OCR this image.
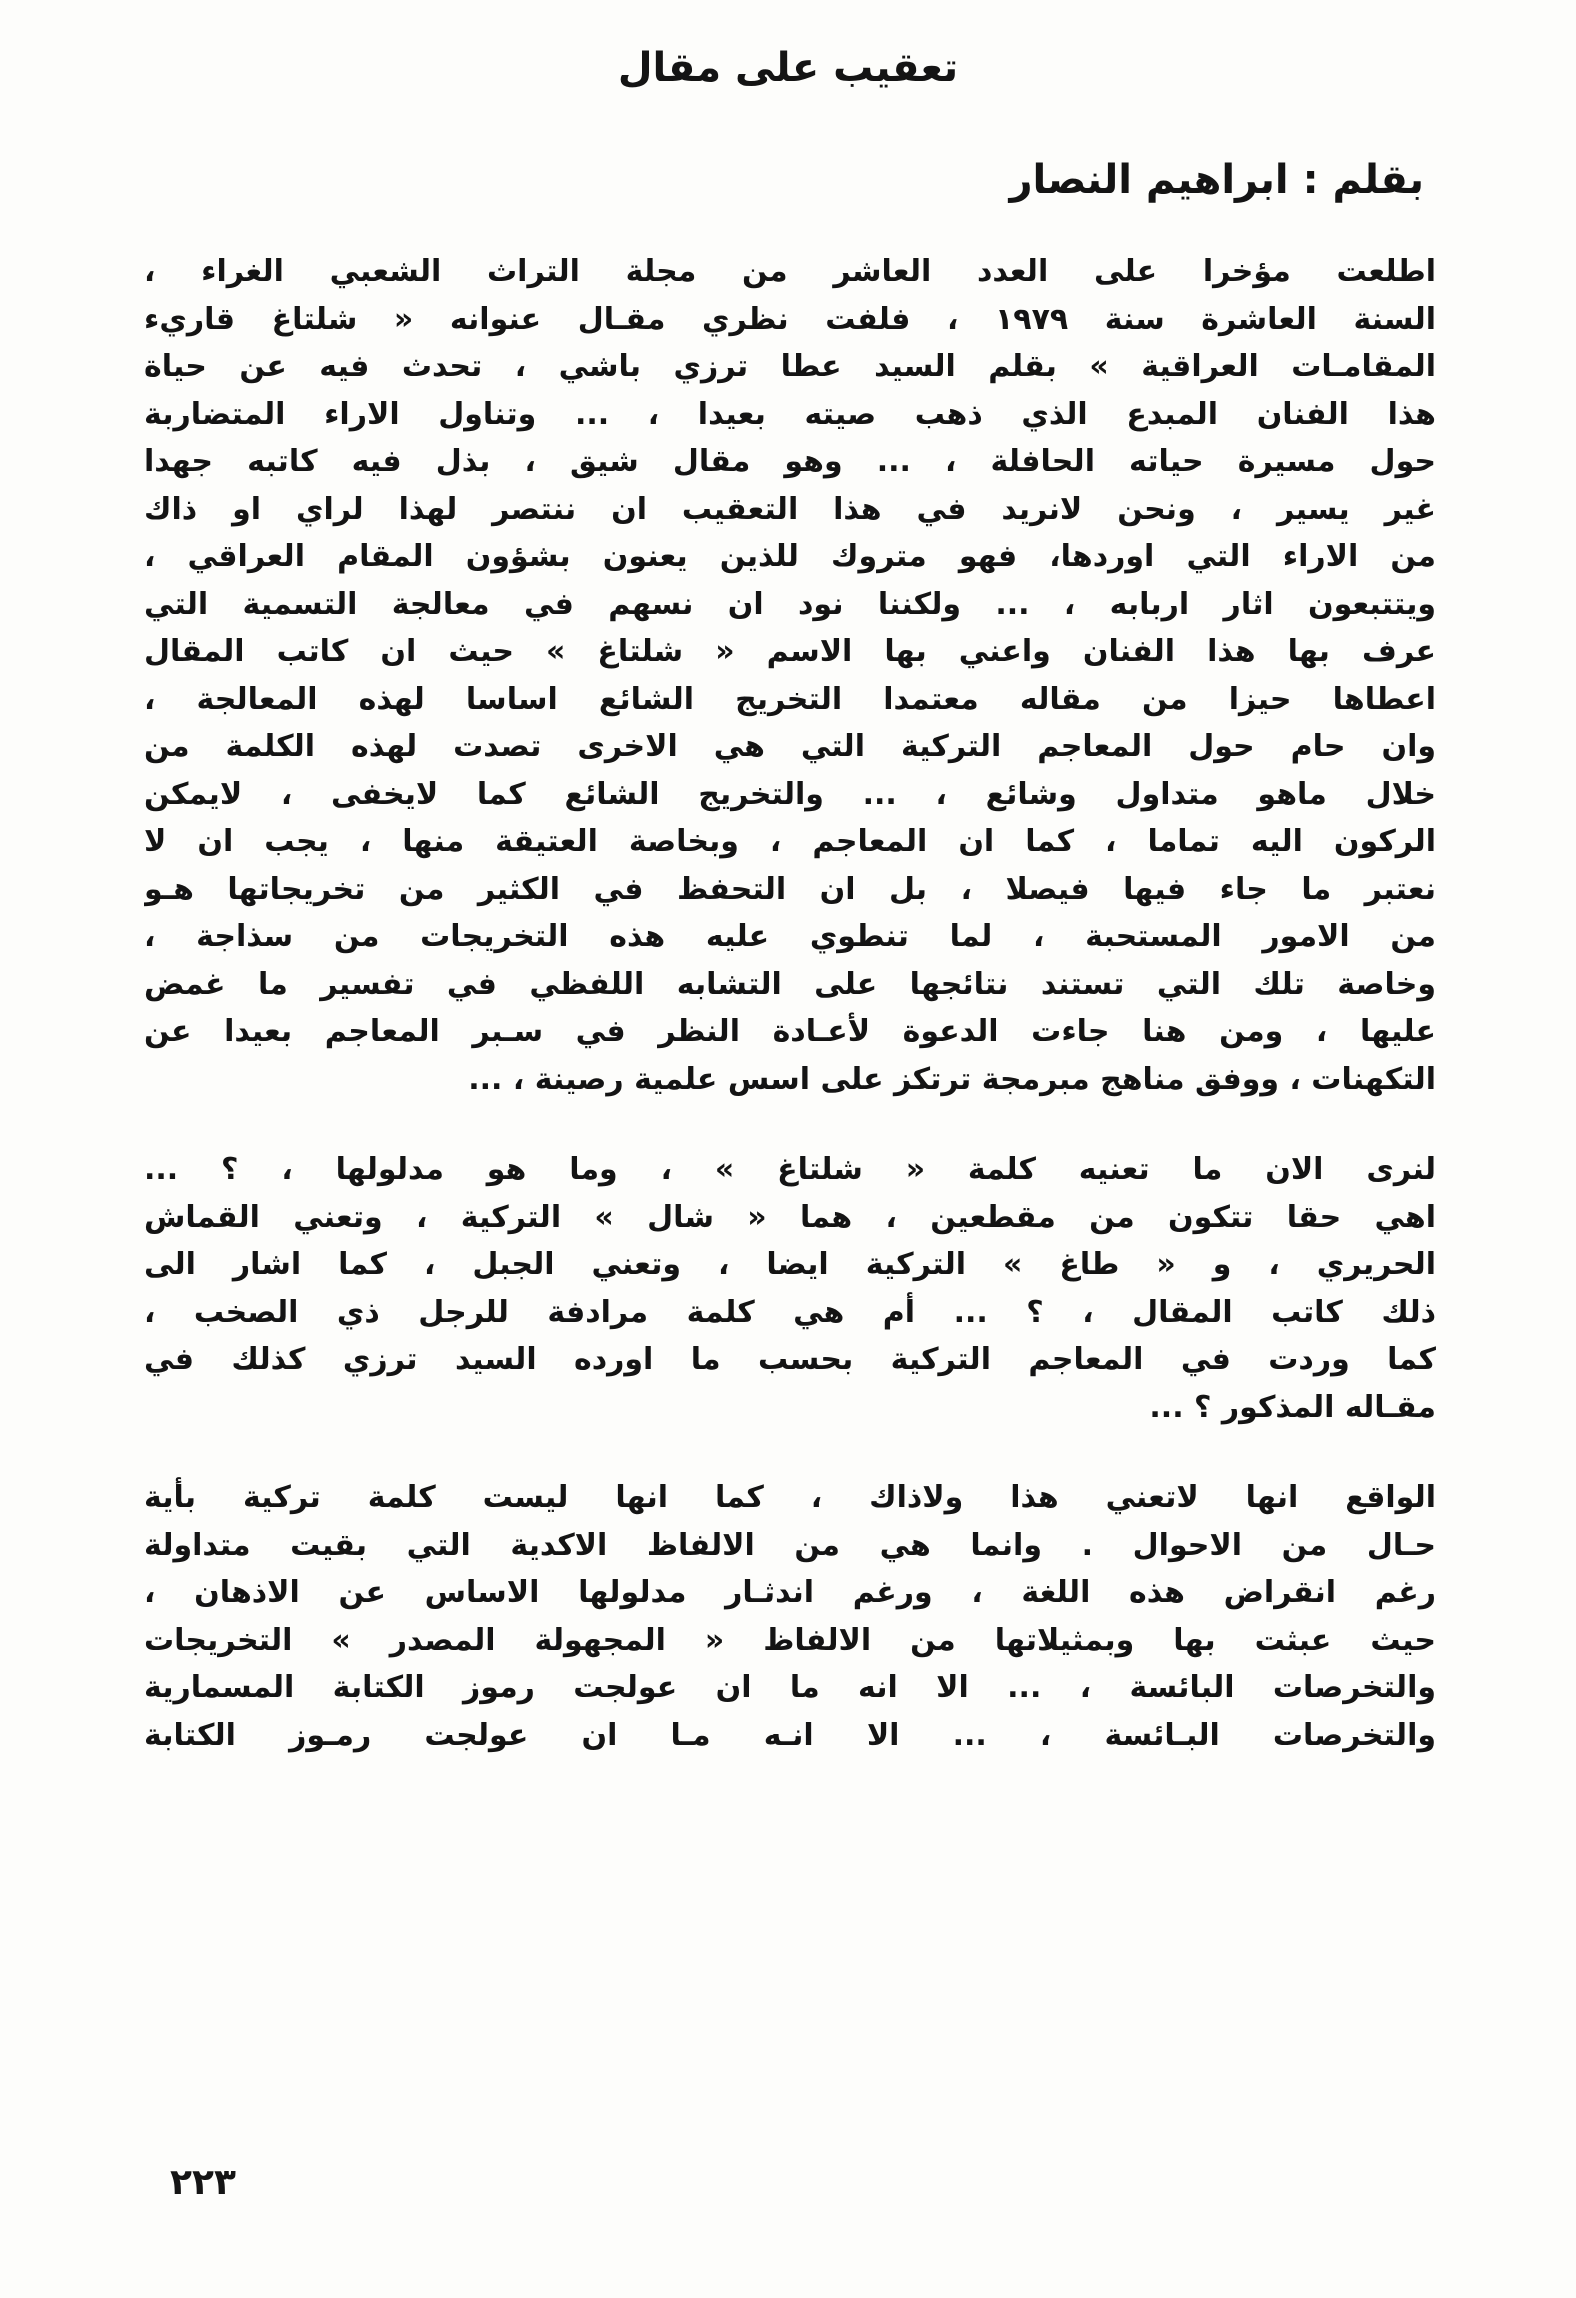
تعقيب على مقال
بقلم : ابراهيم النصار
اطلعت مؤخرا على العدد العاشر من مجلة التراث الشعبي الغراء ،
السنة العاشرة سنة ١٩٧٩ ، فلفت نظري مقـال عنوانه « شلتاغ قاريء
المقامـات العراقية » بقلم السيد عطا ترزي باشي ، تحدث فيه عن حياة
هذا الفنان المبدع الذي ذهب صيته بعيدا ، ... وتناول الاراء المتضاربة
حول مسيرة حياته الحافلة ، ... وهو مقال شيق ، بذل فيه كاتبه جهدا
غير يسير ، ونحن لانريد في هذا التعقيب ان ننتصر لهذا لراي او ذاك
من الاراء التي اوردها، فهو متروك للذين يعنون بشؤون المقام العراقي ،
ويتتبعون اثار اربابه ، ... ولكننا نود ان نسهم في معالجة التسمية التي
عرف بها هذا الفنان واعني بها الاسم « شلتاغ » حيث ان كاتب المقال
اعطاها حيزا من مقاله معتمدا التخريج الشائع اساسا لهذه المعالجة ،
وان حام حول المعاجم التركية التي هي الاخرى تصدت لهذه الكلمة من
خلال ماهو متداول وشائع ، ... والتخريج الشائع كما لايخفى ، لايمكن
الركون اليه تماما ، كما ان المعاجم ، وبخاصة العتيقة منها ، يجب ان لا
نعتبر ما جاء فيها فيصلا ، بل ان التحفظ في الكثير من تخريجاتها هـو
من الامور المستحبة ، لما تنطوي عليه هذه التخريجات من سذاجة ،
وخاصة تلك التي تستند نتائجها على التشابه اللفظي في تفسير ما غمض
عليها ، ومن هنا جاءت الدعوة لأعـادة النظر في سـبر المعاجم بعيدا عن
التكهنات ، ووفق مناهج مبرمجة ترتكز على اسس علمية رصينة ، ...
لنرى الان ما تعنيه كلمة « شلتاغ » ، وما هو مدلولها ، ؟ ...
اهي حقا تتكون من مقطعين ، هما « شال » التركية ، وتعني القماش
الحريري ، و « طاغ » التركية ايضا ، وتعني الجبل ، كما اشار الى
ذلك كاتب المقال ، ؟ ... أم هي كلمة مرادفة للرجل ذي الصخب ،
كما وردت في المعاجم التركية بحسب ما اورده السيد ترزي كذلك في
مقـاله المذكور ؟ ...
الواقع انها لاتعني هذا ولاذاك ، كما انها ليست كلمة تركية بأية
حـال من الاحوال . وانما هي من الالفاظ الاكدية التي بقيت متداولة
رغم انقراض هذه اللغة ، ورغم اندثـار مدلولها الاساس عن الاذهان ،
حيث عبثت بها وبمثيلاتها من الالفاظ « المجهولة المصدر » التخريجات
والتخرصات البائسة ، ... الا انه ما ان عولجت رموز الكتابة المسمارية
والتخرصات البـائسة ، ... الا انـه مـا ان عولجت رمـوز الكتابة
٢٢٣
